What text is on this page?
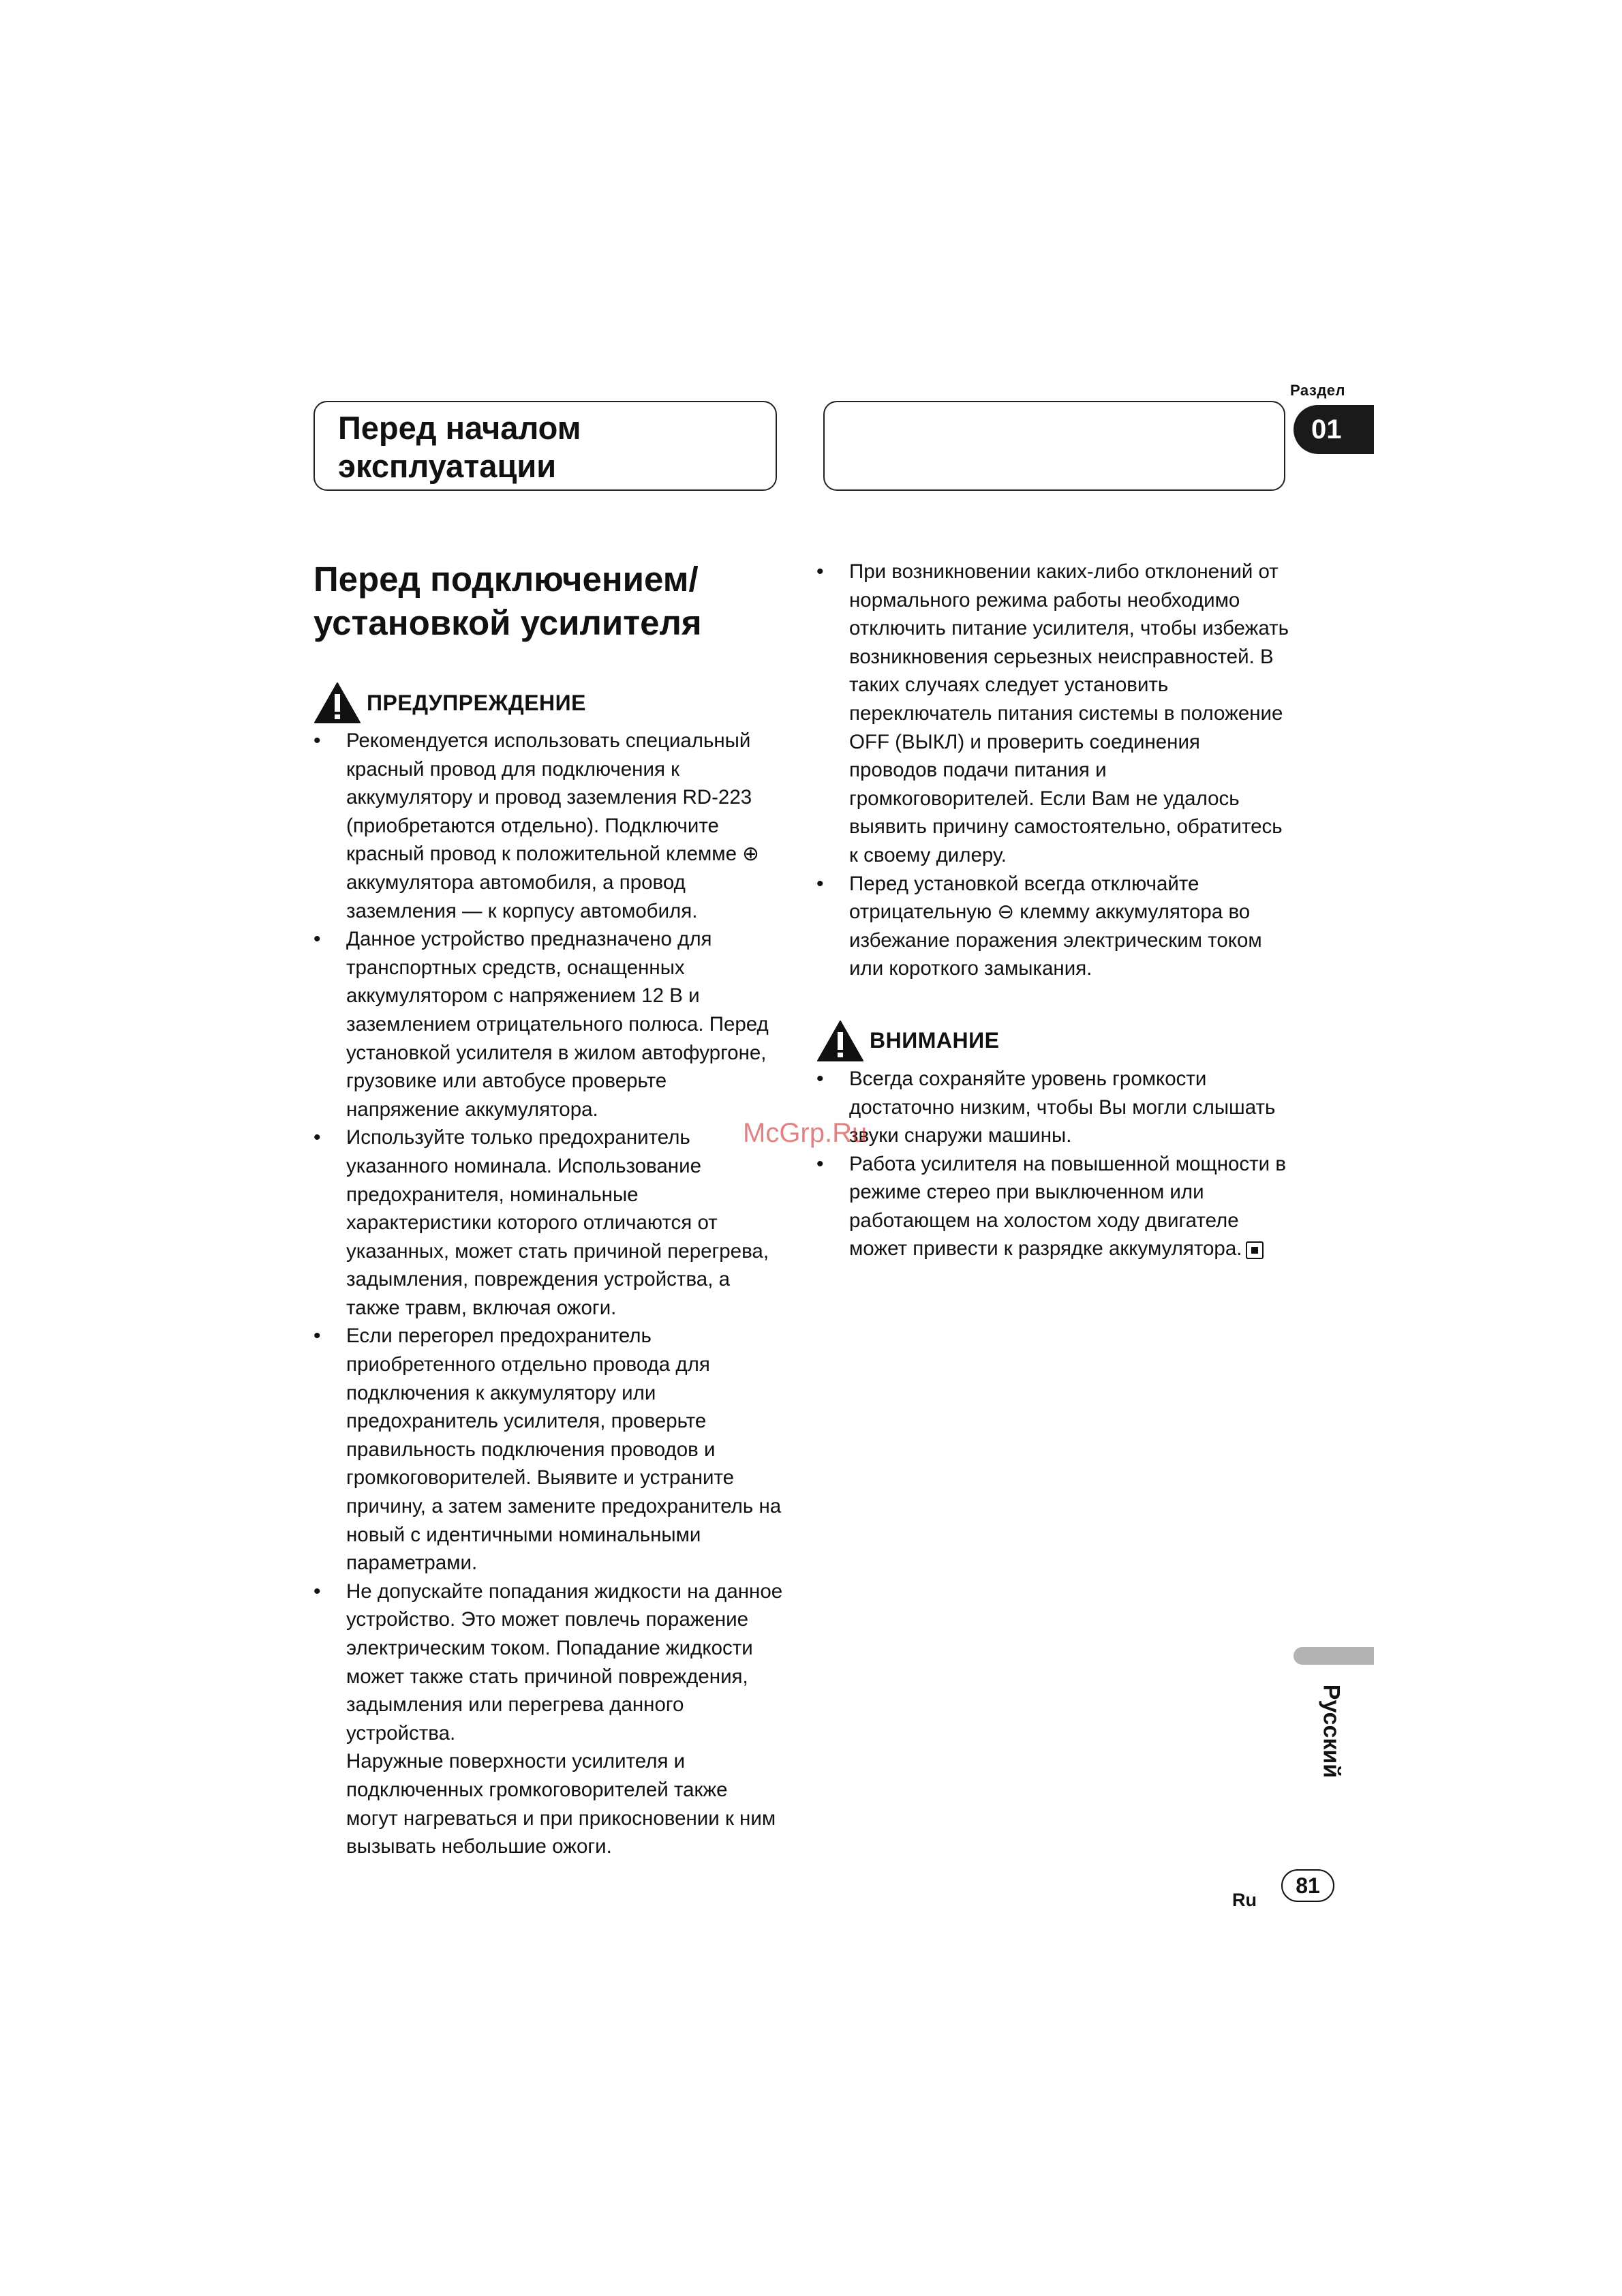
Раздел
01
Перед началом эксплуатации
Перед подключением/ установкой усилителя
ПРЕДУПРЕЖДЕНИЕ
• Рекомендуется использовать специальный красный провод для подключения к аккумулятору и провод заземления RD-223 (приобретаются отдельно). Подключите красный провод к положительной клемме ⊕ аккумулятора автомобиля, а провод заземления — к корпусу автомобиля.
• Данное устройство предназначено для транспортных средств, оснащенных аккумулятором с напряжением 12 В и заземлением отрицательного полюса. Перед установкой усилителя в жилом автофургоне, грузовике или автобусе проверьте напряжение аккумулятора.
• Используйте только предохранитель указанного номинала. Использование предохранителя, номинальные характеристики которого отличаются от указанных, может стать причиной перегрева, задымления, повреждения устройства, а также травм, включая ожоги.
• Если перегорел предохранитель приобретенного отдельно провода для подключения к аккумулятору или предохранитель усилителя, проверьте правильность подключения проводов и громкоговорителей. Выявите и устраните причину, а затем замените предохранитель на новый с идентичными номинальными параметрами.
• Не допускайте попадания жидкости на данное устройство. Это может повлечь поражение электрическим током. Попадание жидкости может также стать причиной повреждения, задымления или перегрева данного устройства.
Наружные поверхности усилителя и подключенных громкоговорителей также могут нагреваться и при прикосновении к ним вызывать небольшие ожоги.
• При возникновении каких-либо отклонений от нормального режима работы необходимо отключить питание усилителя, чтобы избежать возникновения серьезных неисправностей. В таких случаях следует установить переключатель питания системы в положение OFF (ВЫКЛ) и проверить соединения проводов подачи питания и громкоговорителей. Если Вам не удалось выявить причину самостоятельно, обратитесь к своему дилеру.
• Перед установкой всегда отключайте отрицательную ⊖ клемму аккумулятора во избежание поражения электрическим током или короткого замыкания.
ВНИМАНИЕ
• Всегда сохраняйте уровень громкости достаточно низким, чтобы Вы могли слышать звуки снаружи машины.
• Работа усилителя на повышенной мощности в режиме стерео при выключенном или работающем на холостом ходу двигателе может привести к разрядке аккумулятора.
Русский
Ru
81
McGrp.Ru
